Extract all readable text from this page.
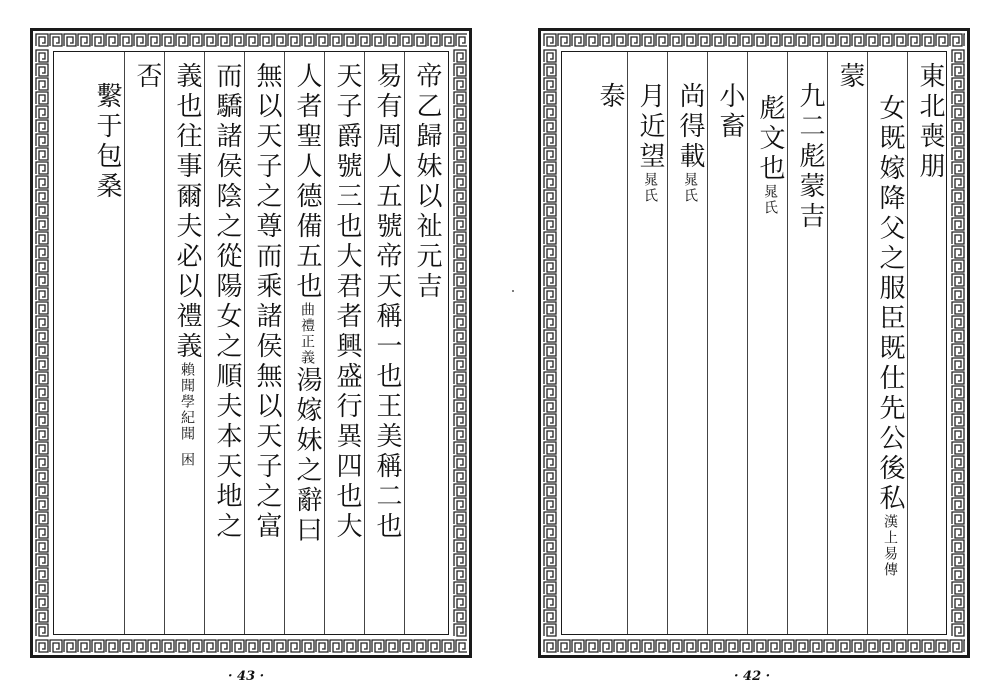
帝乙歸妹以祉元吉
易有周人五號帝天稱一也王美稱二也
天子爵號三也大君者興盛行異四也大
人者聖人德備五也曲禮正義湯嫁妹之辭曰
無以天子之尊而乘諸侯無以天子之富
而驕諸侯陰之從陽女之順夫本天地之
義也往事爾夫必以禮義賴聞學紀聞困
否
繫于包桑
· 43 ·
東北喪朋
女既嫁降父之服臣既仕先公後私漢上易傳
蒙
九二彪蒙吉
彪文也晁氏
小畜
尚得載晁氏
月近望晁氏
泰
· 42 ·
